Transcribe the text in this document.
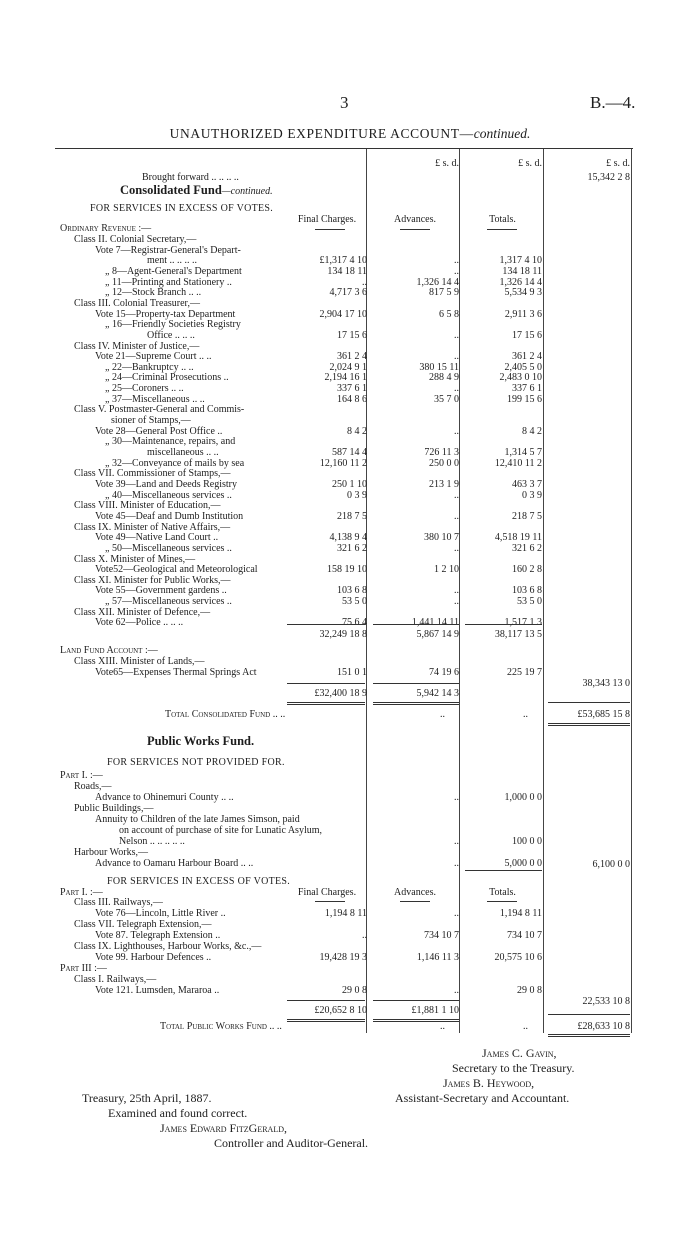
3	B.—4.
UNAUTHORIZED EXPENDITURE ACCOUNT—continued.
£ s. d.	£ s. d.	£ s. d.
Brought forward .. .. .. ..	15,342 2 8
Consolidated Fund—continued.
FOR SERVICES IN EXCESS OF VOTES.
Ordinary Revenue :—
Final Charges.	Advances.	Totals.
Class II. Colonial Secretary,—
Vote 7—Registrar-General's Depart-
ment .. .. .. ..	£1,317 4 10	..	1,317 4 10
„ 8—Agent-General's Department	134 18 11	..	134 18 11
„ 11—Printing and Stationery ..	..	1,326 14 4	1,326 14 4
„ 12—Stock Branch .. ..	4,717 3 6	817 5 9	5,534 9 3
Class III. Colonial Treasurer,—
Vote 15—Property-tax Department	2,904 17 10	6 5 8	2,911 3 6
„ 16—Friendly Societies Registry
Office .. .. ..	17 15 6	..	17 15 6
Class IV. Minister of Justice,—
Vote 21—Supreme Court .. ..	361 2 4	..	361 2 4
„ 22—Bankruptcy .. ..	2,024 9 1	380 15 11	2,405 5 0
„ 24—Criminal Prosecutions ..	2,194 16 1	288 4 9	2,483 0 10
„ 25—Coroners .. ..	337 6 1	..	337 6 1
„ 37—Miscellaneous .. ..	164 8 6	35 7 0	199 15 6
Class V. Postmaster-General and Commis-
sioner of Stamps,—
Vote 28—General Post Office ..	8 4 2	..	8 4 2
„ 30—Maintenance, repairs, and
miscellaneous .. ..	587 14 4	726 11 3	1,314 5 7
„ 32—Conveyance of mails by sea	12,160 11 2	250 0 0	12,410 11 2
Class VII. Commissioner of Stamps,—
Vote 39—Land and Deeds Registry	250 1 10	213 1 9	463 3 7
„ 40—Miscellaneous services ..	0 3 9	..	0 3 9
Class VIII. Minister of Education,—
Vote 45—Deaf and Dumb Institution	218 7 5	..	218 7 5
Class IX. Minister of Native Affairs,—
Vote 49—Native Land Court ..	4,138 9 4	380 10 7	4,518 19 11
„ 50—Miscellaneous services ..	321 6 2	..	321 6 2
Class X. Minister of Mines,—
Vote52—Geological and Meteorological	158 19 10	1 2 10	160 2 8
Class XI. Minister for Public Works,—
Vote 55—Government gardens ..	103 6 8	..	103 6 8
„ 57—Miscellaneous services ..	53 5 0	..	53 5 0
Class XII. Minister of Defence,—
Vote 62—Police .. .. ..	75 6 4	1,441 14 11	1,517 1 3
32,249 18 8	5,867 14 9	38,117 13 5
Land Fund Account :—
Class XIII. Minister of Lands,—
Vote65—Expenses Thermal Springs Act	151 0 1	74 19 6	225 19 7
38,343 13 0
£32,400 18 9	5,942 14 3
Total Consolidated Fund .. ..	..	..	£53,685 15 8
Public Works Fund.
FOR SERVICES NOT PROVIDED FOR.
Part I. :—
Roads,—
Advance to Ohinemuri County .. ..	..	1,000 0 0
Public Buildings,—
Annuity to Children of the late James Simson, paid
on account of purchase of site for Lunatic Asylum,
Nelson .. .. .. .. ..	..	100 0 0
Harbour Works,—
Advance to Oamaru Harbour Board .. ..	..	5,000 0 0
	6,100 0 0
FOR SERVICES IN EXCESS OF VOTES.
Part I. :—	Final Charges.	Advances.	Totals.
Class III. Railways,—
Vote 76—Lincoln, Little River ..	1,194 8 11	..	1,194 8 11
Class VII. Telegraph Extension,—
Vote 87. Telegraph Extension ..	..	734 10 7	734 10 7
Class IX. Lighthouses, Harbour Works, &c.,—
Vote 99. Harbour Defences ..	19,428 19 3	1,146 11 3	20,575 10 6
Part III :—
Class I. Railways,—
Vote 121. Lumsden, Mararoa ..	29 0 8	..	29 0 8
22,533 10 8
£20,652 8 10	£1,881 1 10
Total Public Works Fund .. ..	..	..	£28,633 10 8
James C. Gavin,
Secretary to the Treasury.
James B. Heywood,
Assistant-Secretary and Accountant.
Treasury, 25th April, 1887.
Examined and found correct.
James Edward FitzGerald,
Controller and Auditor-General.
